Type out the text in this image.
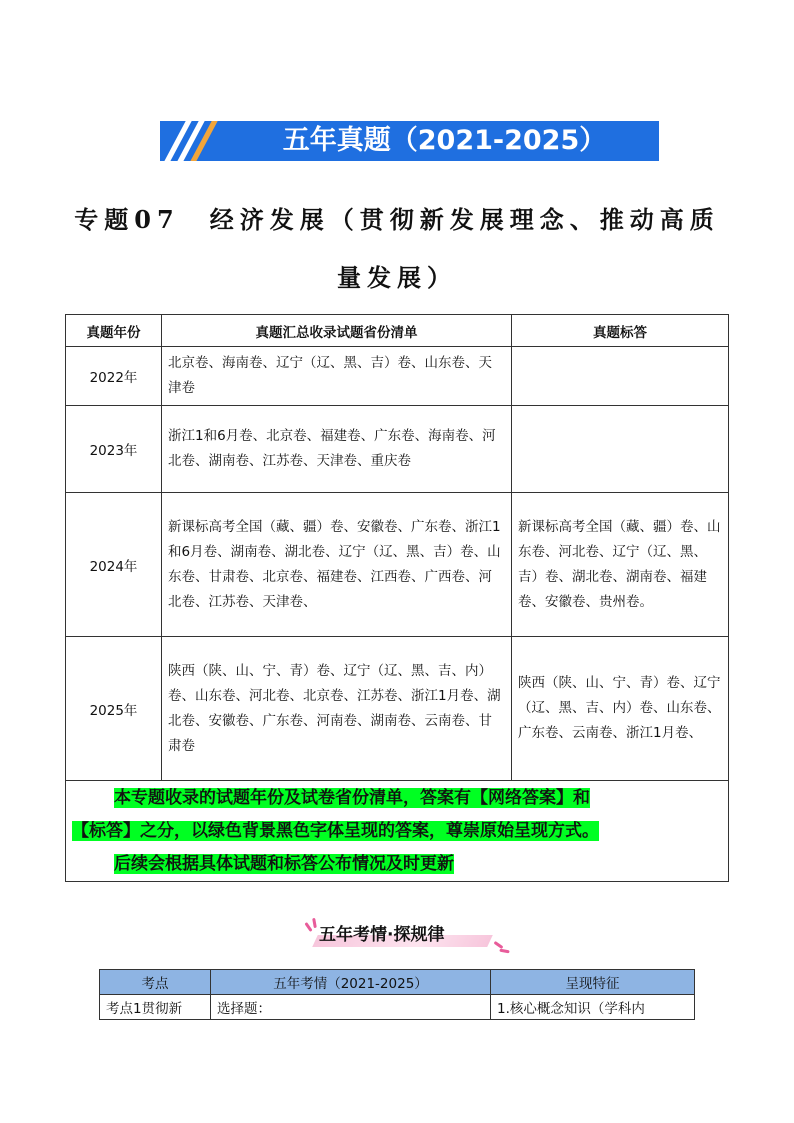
五年真题（2021-2025）
专题07　经济发展（贯彻新发展理念、推动高质
量发展）
真题年份	真题汇总收录试题省份清单	真题标答
2022年	北京卷、海南卷、辽宁（辽、黑、吉）卷、山东卷、天津卷	
2023年	浙江1和6月卷、北京卷、福建卷、广东卷、海南卷、河北卷、湖南卷、江苏卷、天津卷、重庆卷	
2024年	新课标高考全国（藏、疆）卷、安徽卷、广东卷、浙江1和6月卷、湖南卷、湖北卷、辽宁（辽、黑、吉）卷、山东卷、甘肃卷、北京卷、福建卷、江西卷、广西卷、河北卷、江苏卷、天津卷、	新课标高考全国（藏、疆）卷、山东卷、河北卷、辽宁（辽、黑、吉）卷、湖北卷、湖南卷、福建卷、安徽卷、贵州卷。
2025年	陕西（陕、山、宁、青）卷、辽宁（辽、黑、吉、内）卷、山东卷、河北卷、北京卷、江苏卷、浙江1月卷、湖北卷、安徽卷、广东卷、河南卷、湖南卷、云南卷、甘肃卷	陕西（陕、山、宁、青）卷、辽宁（辽、黑、吉、内）卷、山东卷、广东卷、云南卷、浙江1月卷、

本专题收录的试题年份及试卷省份清单，答案有【网络答案】和
【标答】之分，以绿色背景黑色字体呈现的答案，尊崇原始呈现方式。
后续会根据具体试题和标答公布情况及时更新		
五年考情·探规律
考点	五年考情（2021-2025）	呈现特征
考点1贯彻新	选择题：	1.核心概念知识（学科内
